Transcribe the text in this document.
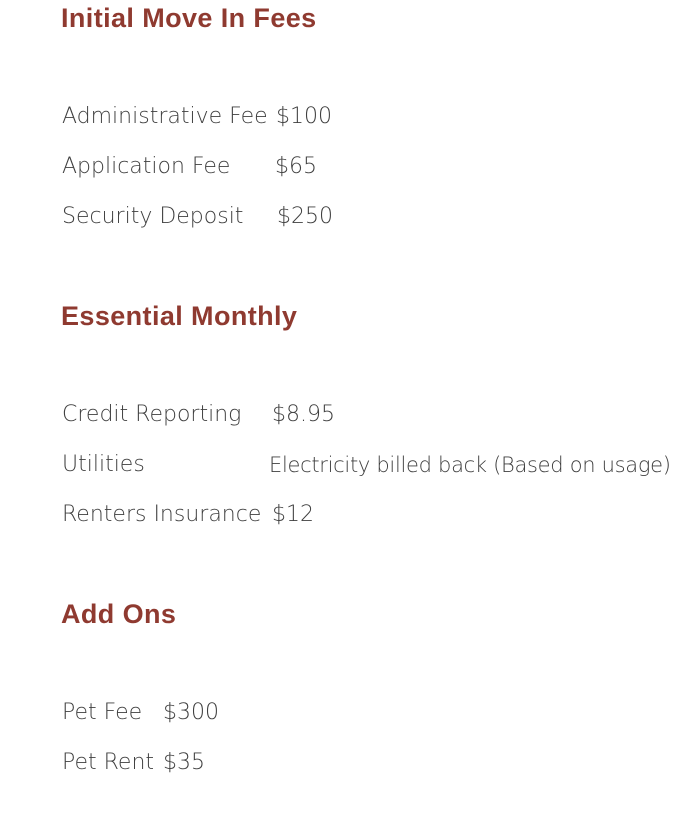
Initial Move In Fees
Administrative Fee $100
Application Fee $65
Security Deposit $250
Essential Monthly
Credit Reporting $8.95
Utilities	Electricity billed back (Based on usage)
Renters Insurance $12
Add Ons
Pet Fee $300
Pet Rent $35
